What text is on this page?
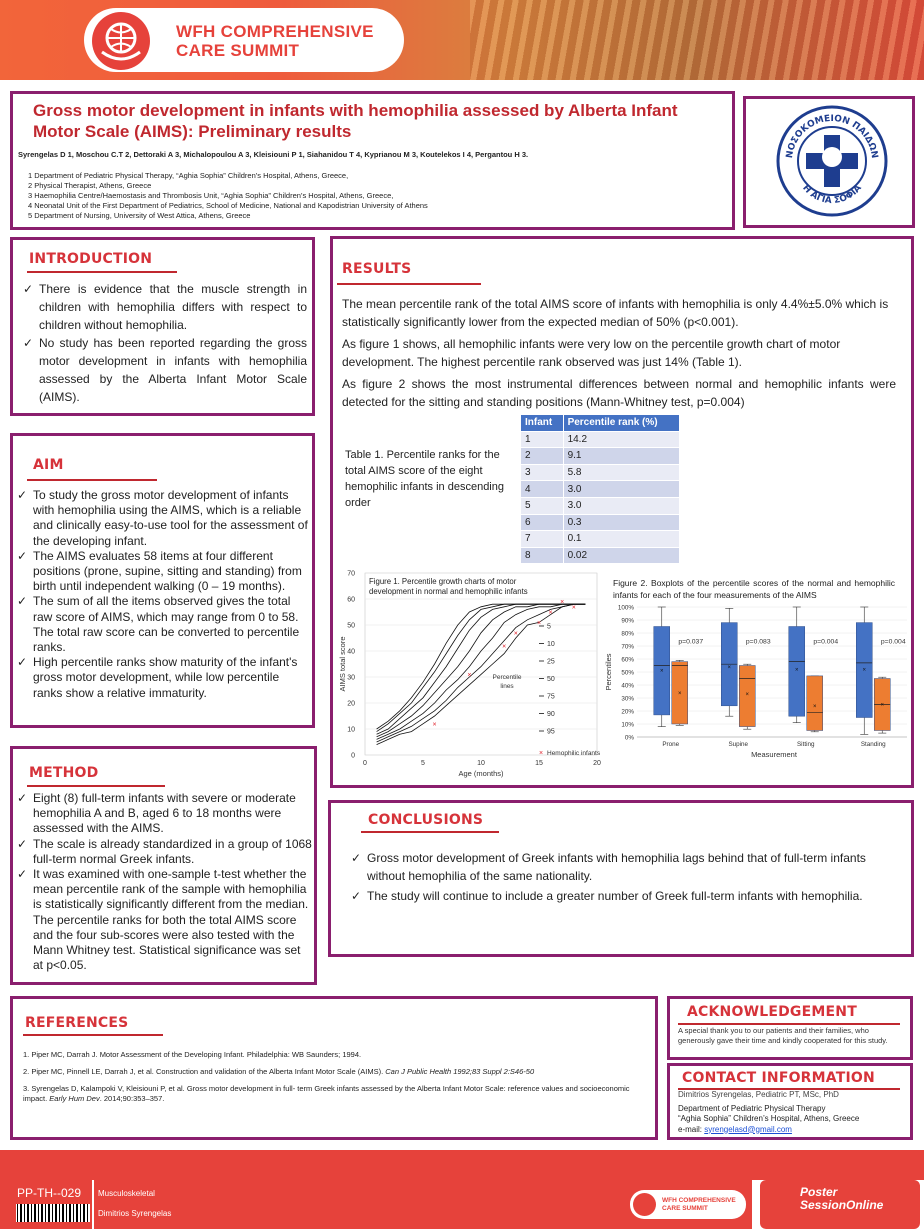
WFH COMPREHENSIVE
CARE SUMMIT
Gross motor development in infants with hemophilia assessed by Alberta Infant Motor Scale (AIMS): Preliminary results
Syrengelas D 1, Moschou C.T 2, Dettoraki A 3, Michalopoulou A 3, Kleisiouni P 1, Siahanidou T 4, Kyprianou M 3, Koutelekos I 4, Pergantou H 3.
1 Department of Pediatric Physical Therapy, “Aghia Sophia” Children’s Hospital, Athens, Greece,
2 Physical Therapist, Athens, Greece
3 Haemophilia Centre/Haemostasis and Thrombosis Unit, “Aghia Sophia” Children’s Hospital, Athens, Greece,
4 Neonatal Unit of the First Department of Pediatrics, School of Medicine, National and Kapodistrian University of Athens
5 Department of Nursing, University of West Attica, Athens, Greece
ΝΟΣΟΚΟΜΕΙΟΝ ΠΑΙΔΩΝ
Η ΑΓΙΑ ΣΟΦΙΑ
INTRODUCTION
✓ There is evidence that the muscle strength in children with hemophilia differs with respect to children without hemophilia.
✓ No study has been reported regarding the gross motor development in infants with hemophilia assessed by the Alberta Infant Motor Scale (AIMS).
AIM
✓ To study the gross motor development of infants with hemophilia using the AIMS, which is a reliable and clinically easy-to-use tool for the assessment of the developing infant.
✓ The AIMS evaluates 58 items at four different positions (prone, supine, sitting and standing) from birth until independent walking (0 – 19 months).
✓ The sum of all the items observed gives the total raw score of AIMS, which may range from 0 to 58. The total raw score can be converted to percentile ranks.
✓ High percentile ranks show maturity of the infant's gross motor development, while low percentile ranks show a relative immaturity.
METHOD
✓ Eight (8) full-term infants with severe or moderate hemophilia A and B, aged 6 to 18 months were assessed with the AIMS.
✓ The scale is already standardized in a group of 1068 full-term normal Greek infants.
✓ It was examined with one-sample t-test whether the mean percentile rank of the sample with hemophilia is statistically significantly different from the median. The percentile ranks for both the total AIMS score and the four sub-scores were also tested with the Mann Whitney test. Statistical significance was set at p<0.05.
RESULTS

The mean percentile rank of the total AIMS score of infants with hemophilia is only 4.4%±5.0% which is statistically significantly lower from the expected median of 50% (p<0.001).

As figure 1 shows, all hemophilic infants were very low on the percentile growth chart of motor development. The highest percentile rank observed was just 14% (Table 1).

As figure 2 shows the most instrumental differences between normal and hemophilic infants were detected for the sitting and standing positions (Mann-Whitney test, p=0.004)

Table 1. Percentile ranks for the total AIMS score of the eight hemophilic infants in descending order
Infant	Percentile rank (%)
1	14.2
2	9.1
3	5.8
4	3.0
5	3.0
6	0.3
7	0.1
8	0.02
0
10
20
30
40
50
60
70
0	5	10	15	20
Age (months)
AIMS total score
×
×
×
×
×
×
×
×
Figure 1. Percentile growth charts of motor
development in normal and hemophilic infants
5
10
25
50
75
90
95
Percentile
lines
× Hemophilic infants
Figure 2. Boxplots of the percentile scores of the normal and hemophilic infants for each of the four measurements of the AIMS
0%
10%
20%
30%
40%
50%
60%
70%
80%
90%
100%
Percentiles
Measurement
Prone
p=0.037
×
×
Supine
p=0.083
×
×
Sitting
p=0.004
×
×
Standing
p=0.004
×
×
CONCLUSIONS
✓ Gross motor development of Greek infants with hemophilia lags behind that of full-term infants without hemophilia of the same nationality.
✓ The study will continue to include a greater number of Greek full-term infants with hemophilia.
REFERENCES

1. Piper MC, Darrah J. Motor Assessment of the Developing Infant. Philadelphia: WB Saunders; 1994.

2. Piper MC, Pinnell LE, Darrah J, et al. Construction and validation of the Alberta Infant Motor Scale (AIMS). Can J Public Health 1992;83 Suppl 2:S46-50

3. Syrengelas D, Kalampoki V, Kleisiouni P, et al. Gross motor development in full- term Greek infants assessed by the Alberta Infant Motor Scale: reference values and socioeconomic impact. Early Hum Dev. 2014;90:353–357.

ACKNOWLEDGEMENT
A special thank you to our patients and their families, who generously gave their time and kindly cooperated for this study.
CONTACT INFORMATION
Dimitrios Syrengelas, Pediatric PT, MSc, PhD
Department of Pediatric Physical Therapy
“Aghia Sophia” Children’s Hospital, Athens, Greece
e-mail: syrengelasd@gmail.com
PP-TH--029 Musculoskeletal
Dimitrios Syrengelas
WFH COMPREHENSIVE
CARE SUMMIT
Poster
SessionOnline
